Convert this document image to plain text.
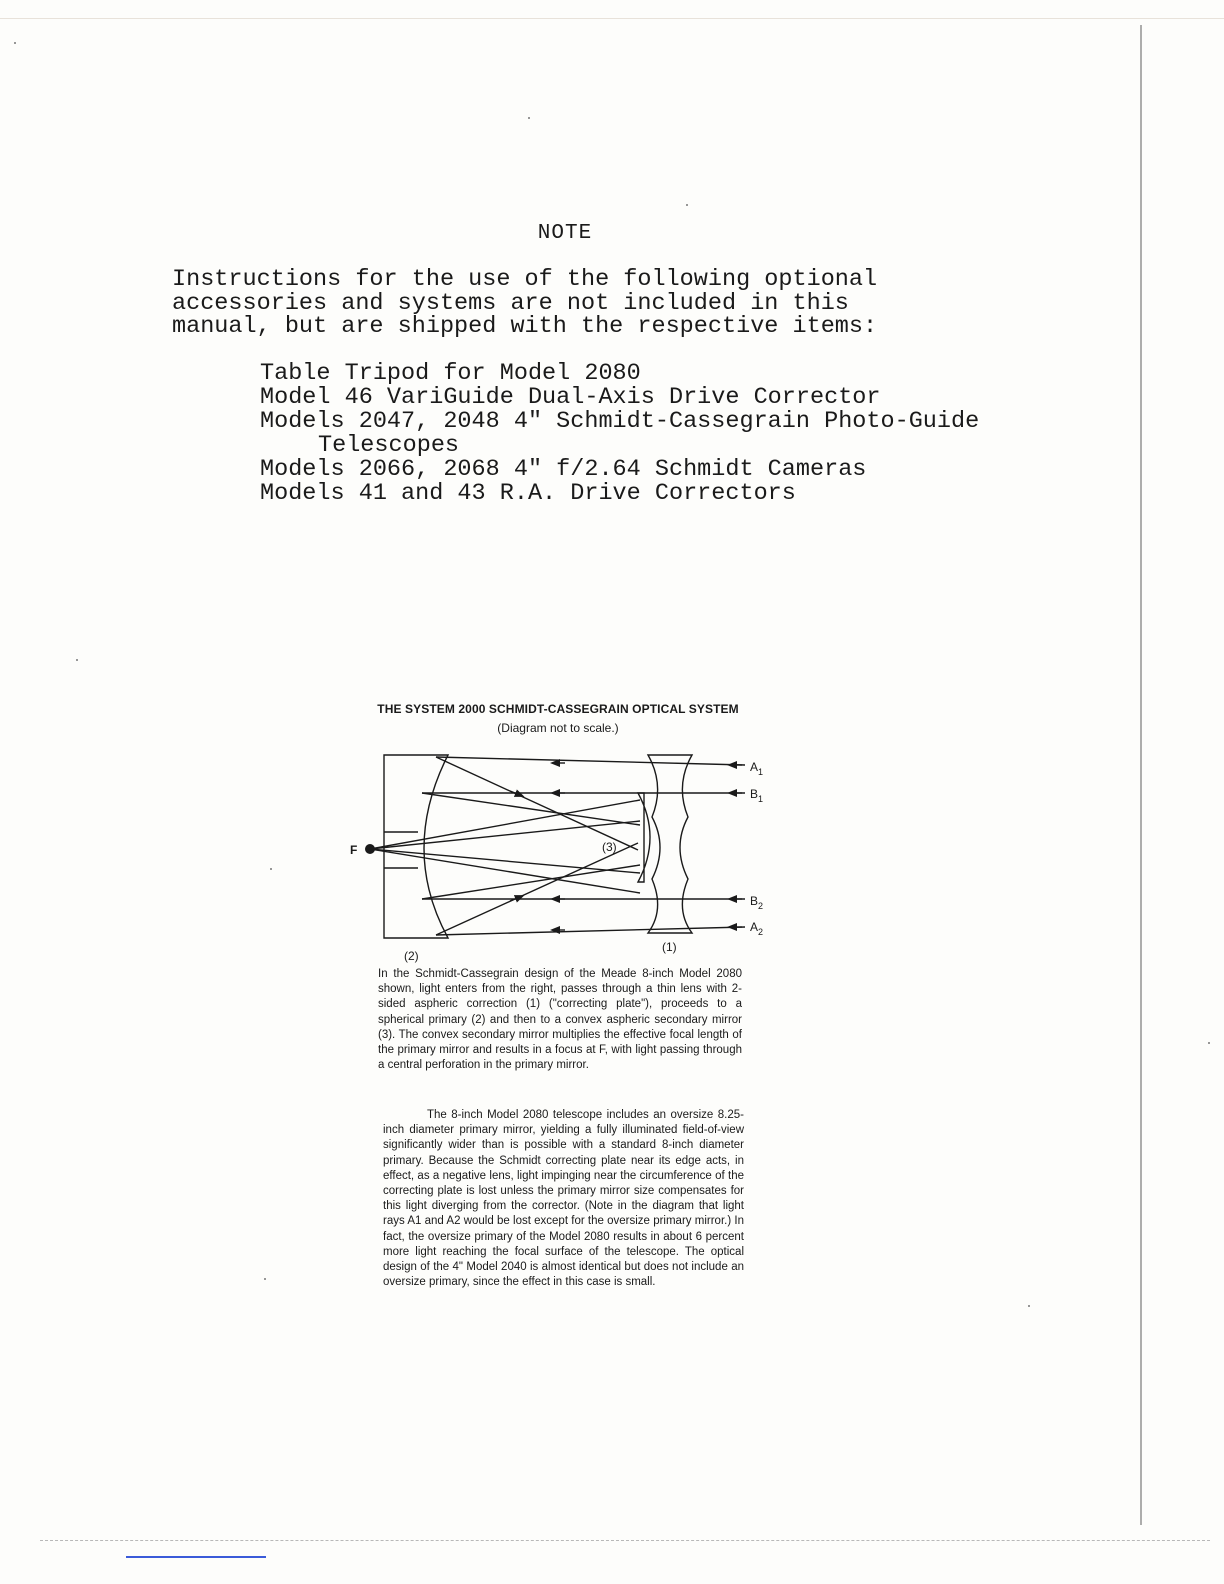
NOTE
Instructions for the use of the following optional
accessories and systems are not included in this
manual, but are shipped with the respective items:
Table Tripod for Model 2080
Model 46 VariGuide Dual-Axis Drive Corrector
Models 2047, 2048 4" Schmidt-Cassegrain Photo-Guide
Telescopes
Models 2066, 2068 4" f/2.64 Schmidt Cameras
Models 41 and 43 R.A. Drive Correctors
THE SYSTEM 2000 SCHMIDT-CASSEGRAIN OPTICAL SYSTEM
(Diagram not to scale.)
F	(3)
(2)
(1)
$A_1$
$B_1$
$B_2$
$A_2$

In the Schmidt-Cassegrain design of the Meade 8-inch Model 2080 shown, light enters from the right, passes through a thin lens with 2-sided aspheric correction (1) ("correcting plate"), proceeds to a spherical primary (2) and then to a convex aspheric secondary mirror (3). The convex secondary mirror multiplies the effective focal length of the primary mirror and results in a focus at F, with light passing through a central perforation in the primary mirror.

The 8-inch Model 2080 telescope includes an oversize 8.25-inch diameter primary mirror, yielding a fully illuminated field-of-view significantly wider than is possible with a standard 8-inch diameter primary. Because the Schmidt correcting plate near its edge acts, in effect, as a negative lens, light impinging near the circumference of the correcting plate is lost unless the primary mirror size compensates for this light diverging from the corrector. (Note in the diagram that light rays A1 and A2 would be lost except for the oversize primary mirror.) In fact, the oversize primary of the Model 2080 results in about 6 percent more light reaching the focal surface of the telescope. The optical design of the 4" Model 2040 is almost identical but does not include an oversize primary, since the effect in this case is small.
